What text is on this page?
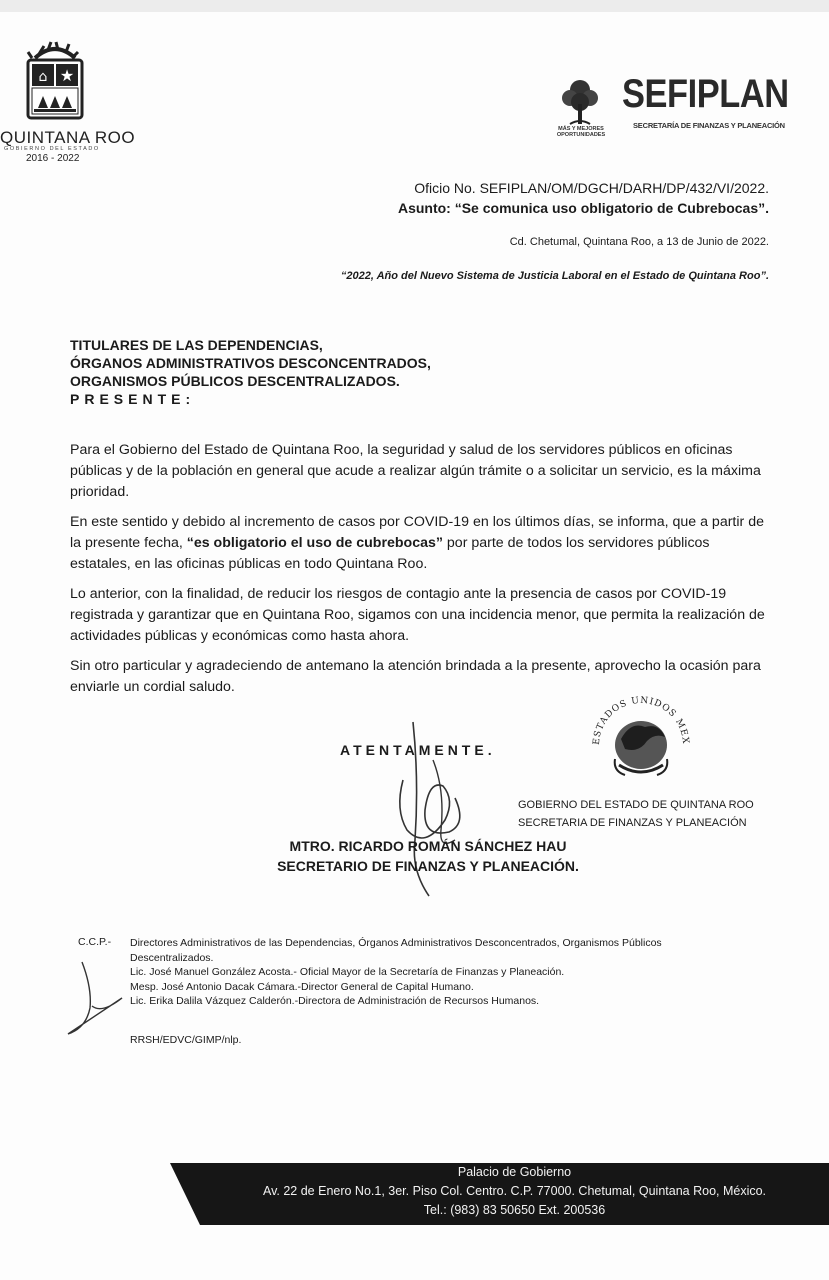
⌂ ★
QUINTANA ROO
GOBIERNO DEL ESTADO
2016 - 2022
MÁS Y MEJORES OPORTUNIDADES
SEFIPLAN
SECRETARÍA DE FINANZAS Y PLANEACIÓN
Oficio No. SEFIPLAN/OM/DGCH/DARH/DP/432/VI/2022.
Asunto: “Se comunica uso obligatorio de Cubrebocas”.
Cd. Chetumal, Quintana Roo, a 13 de Junio de 2022.
“2022, Año del Nuevo Sistema de Justicia Laboral en el Estado de Quintana Roo”.
TITULARES DE LAS DEPENDENCIAS,
ÓRGANOS ADMINISTRATIVOS DESCONCENTRADOS,
ORGANISMOS PÚBLICOS DESCENTRALIZADOS.
PRESENTE:
Para el Gobierno del Estado de Quintana Roo, la seguridad y salud de los servidores públicos en oficinas públicas y de la población en general que acude a realizar algún trámite o a solicitar un servicio, es la máxima prioridad.
En este sentido y debido al incremento de casos por COVID-19 en los últimos días, se informa, que a partir de la presente fecha, “es obligatorio el uso de cubrebocas” por parte de todos los servidores públicos estatales, en las oficinas públicas en todo Quintana Roo.
Lo anterior, con la finalidad, de reducir los riesgos de contagio ante la presencia de casos por COVID-19 registrada y garantizar que en Quintana Roo, sigamos con una incidencia menor, que permita la realización de actividades públicas y económicas como hasta ahora.
Sin otro particular y agradeciendo de antemano la atención brindada a la presente, aprovecho la ocasión para enviarle un cordial saludo.
ATENTAMENTE.
ESTADOS UNIDOS MEX
GOBIERNO DEL ESTADO DE QUINTANA ROO
SECRETARIA DE FINANZAS Y PLANEACIÓN
MTRO. RICARDO ROMÁN SÁNCHEZ HAU
SECRETARIO DE FINANZAS Y PLANEACIÓN.
C.C.P.- Directores Administrativos de las Dependencias, Órganos Administrativos Desconcentrados, Organismos Públicos
Descentralizados.
Lic. José Manuel González Acosta.- Oficial Mayor de la Secretaría de Finanzas y Planeación.
Mesp. José Antonio Dacak Cámara.-Director General de Capital Humano.
Lic. Erika Dalila Vázquez Calderón.-Directora de Administración de Recursos Humanos.
RRSH/EDVC/GIMP/nlp.
Palacio de Gobierno
Av. 22 de Enero No.1, 3er. Piso Col. Centro. C.P. 77000. Chetumal, Quintana Roo, México.
Tel.: (983) 83 50650 Ext. 200536
